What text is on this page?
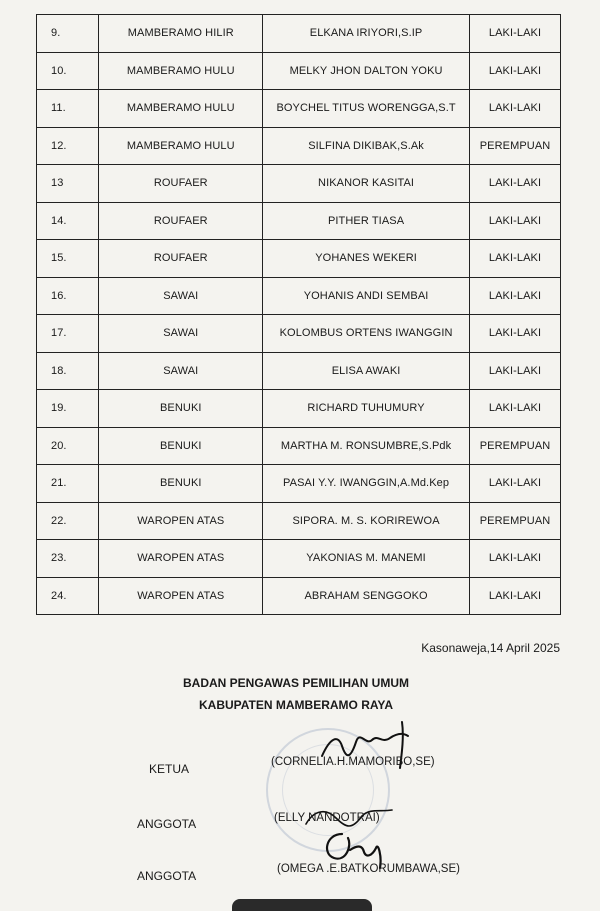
9.	MAMBERAMO HILIR	ELKANA IRIYORI,S.IP	LAKI-LAKI
10.	MAMBERAMO HULU	MELKY JHON DALTON YOKU	LAKI-LAKI
11.	MAMBERAMO HULU	BOYCHEL TITUS WORENGGA,S.T	LAKI-LAKI
12.	MAMBERAMO HULU	SILFINA DIKIBAK,S.Ak	PEREMPUAN
13	ROUFAER	NIKANOR KASITAI	LAKI-LAKI
14.	ROUFAER	PITHER TIASA	LAKI-LAKI
15.	ROUFAER	YOHANES WEKERI	LAKI-LAKI
16.	SAWAI	YOHANIS ANDI SEMBAI	LAKI-LAKI
17.	SAWAI	KOLOMBUS ORTENS IWANGGIN	LAKI-LAKI
18.	SAWAI	ELISA AWAKI	LAKI-LAKI
19.	BENUKI	RICHARD TUHUMURY	LAKI-LAKI
20.	BENUKI	MARTHA M. RONSUMBRE,S.Pdk	PEREMPUAN
21.	BENUKI	PASAI Y.Y. IWANGGIN,A.Md.Kep	LAKI-LAKI
22.	WAROPEN ATAS	SIPORA. M. S. KORIREWOA	PEREMPUAN
23.	WAROPEN ATAS	YAKONIAS M. MANEMI	LAKI-LAKI
24.	WAROPEN ATAS	ABRAHAM SENGGOKO	LAKI-LAKI
Kasonaweja,14 April 2025
BADAN PENGAWAS PEMILIHAN UMUM
KABUPATEN MAMBERAMO RAYA
KETUA	(CORNELIA.H.MAMORIBO,SE)
ANGGOTA	(ELLY NANDOTRAI)
ANGGOTA	(OMEGA .E.BATKORUMBAWA,SE)
